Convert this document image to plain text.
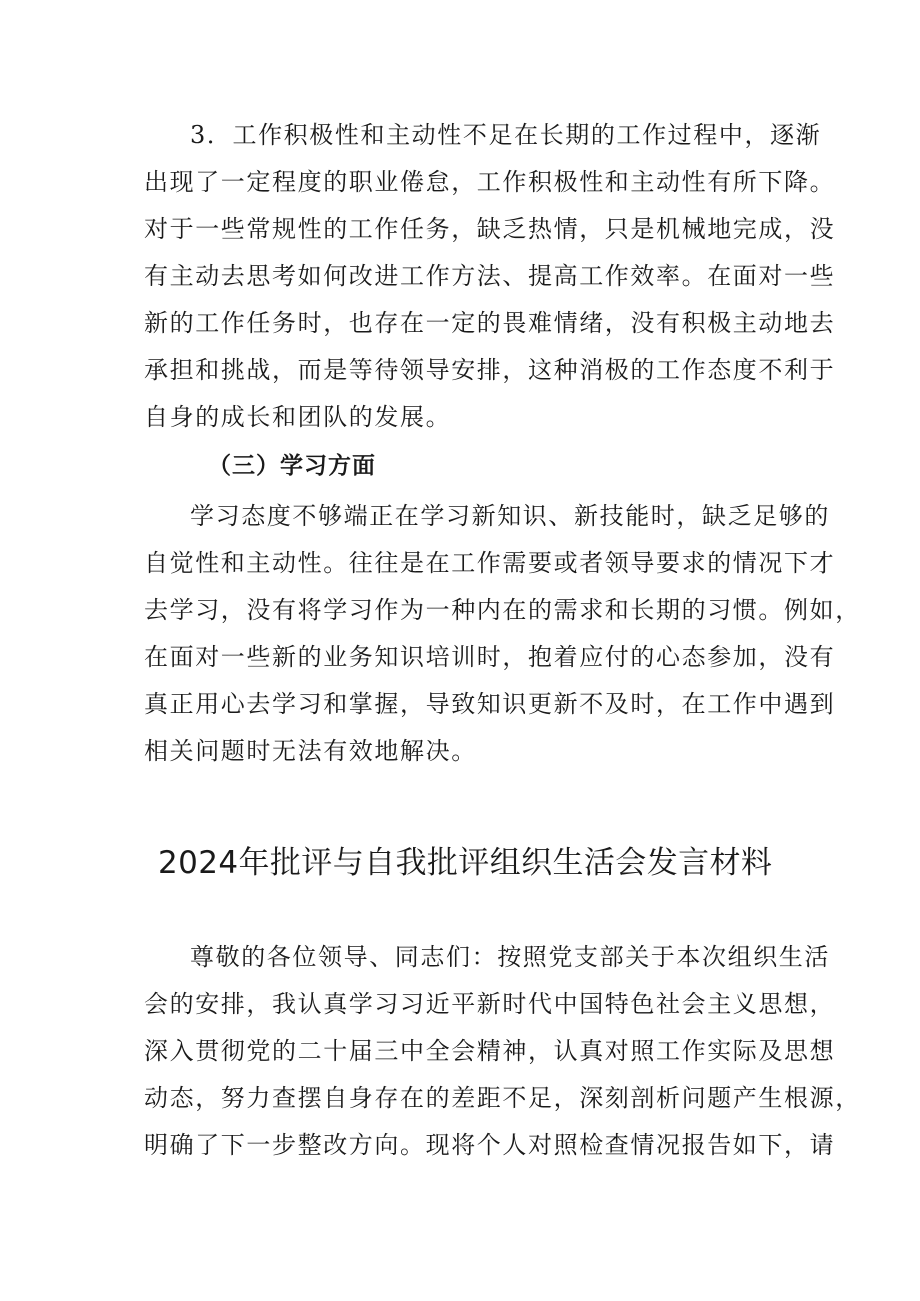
3．工作积极性和主动性不足在长期的工作过程中，逐渐
出现了一定程度的职业倦怠，工作积极性和主动性有所下降。
对于一些常规性的工作任务，缺乏热情，只是机械地完成，没
有主动去思考如何改进工作方法、提高工作效率。在面对一些
新的工作任务时，也存在一定的畏难情绪，没有积极主动地去
承担和挑战，而是等待领导安排，这种消极的工作态度不利于
自身的成长和团队的发展。
（三）学习方面
学习态度不够端正在学习新知识、新技能时，缺乏足够的
自觉性和主动性。往往是在工作需要或者领导要求的情况下才
去学习，没有将学习作为一种内在的需求和长期的习惯。例如，
在面对一些新的业务知识培训时，抱着应付的心态参加，没有
真正用心去学习和掌握，导致知识更新不及时，在工作中遇到
相关问题时无法有效地解决。
2024年批评与自我批评组织生活会发言材料
尊敬的各位领导、同志们：按照党支部关于本次组织生活
会的安排，我认真学习习近平新时代中国特色社会主义思想，
深入贯彻党的二十届三中全会精神，认真对照工作实际及思想
动态，努力查摆自身存在的差距不足，深刻剖析问题产生根源，
明确了下一步整改方向。现将个人对照检查情况报告如下，请
